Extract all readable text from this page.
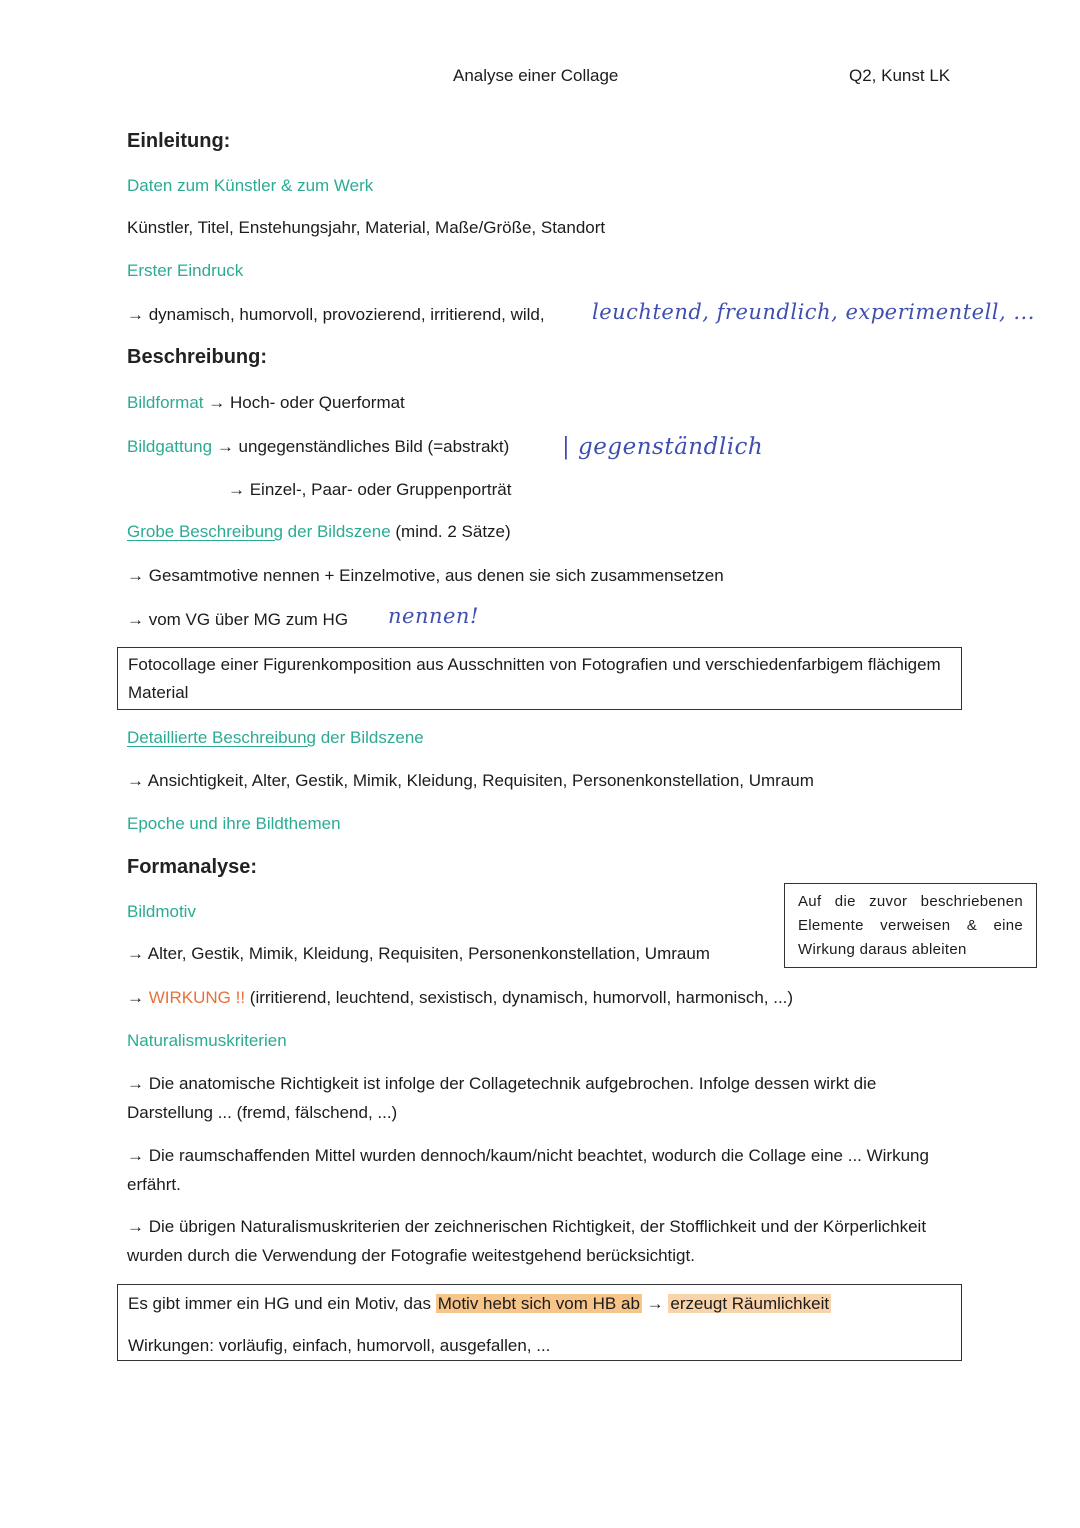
Analyse einer Collage	Q2, Kunst LK
Einleitung:
Daten zum Künstler & zum Werk
Künstler, Titel, Enstehungsjahr, Material, Maße/Größe, Standort
Erster Eindruck
→ dynamisch, humorvoll, provozierend, irritierend, wild, leuchtend, freundlich, experimentell, ...
Beschreibung:
Bildformat → Hoch- oder Querformat
Bildgattung → ungegenständliches Bild (=abstrakt) | gegenständlich
→ Einzel-, Paar- oder Gruppenporträt
Grobe Beschreibung der Bildszene (mind. 2 Sätze)
→ Gesamtmotive nennen + Einzelmotive, aus denen sie sich zusammensetzen
→ vom VG über MG zum HG nennen!
Fotocollage einer Figurenkomposition aus Ausschnitten von Fotografien und verschiedenfarbigem flächigem Material
Detaillierte Beschreibung der Bildszene
→ Ansichtigkeit, Alter, Gestik, Mimik, Kleidung, Requisiten, Personenkonstellation, Umraum
Epoche und ihre Bildthemen
Formanalyse:
Bildmotiv
→ Alter, Gestik, Mimik, Kleidung, Requisiten, Personenkonstellation, Umraum
Auf die zuvor beschriebenen Elemente verweisen & eine Wirkung daraus ableiten
→ WIRKUNG !! (irritierend, leuchtend, sexistisch, dynamisch, humorvoll, harmonisch, ...)
Naturalismuskriterien
→ Die anatomische Richtigkeit ist infolge der Collagetechnik aufgebrochen. Infolge dessen wirkt die Darstellung ... (fremd, fälschend, ...)
→ Die raumschaffenden Mittel wurden dennoch/kaum/nicht beachtet, wodurch die Collage eine ... Wirkung erfährt.
→ Die übrigen Naturalismuskriterien der zeichnerischen Richtigkeit, der Stofflichkeit und der Körperlichkeit wurden durch die Verwendung der Fotografie weitestgehend berücksichtigt.
Es gibt immer ein HG und ein Motiv, das Motiv hebt sich vom HB ab → erzeugt Räumlichkeit
Wirkungen: vorläufig, einfach, humorvoll, ausgefallen, ...
